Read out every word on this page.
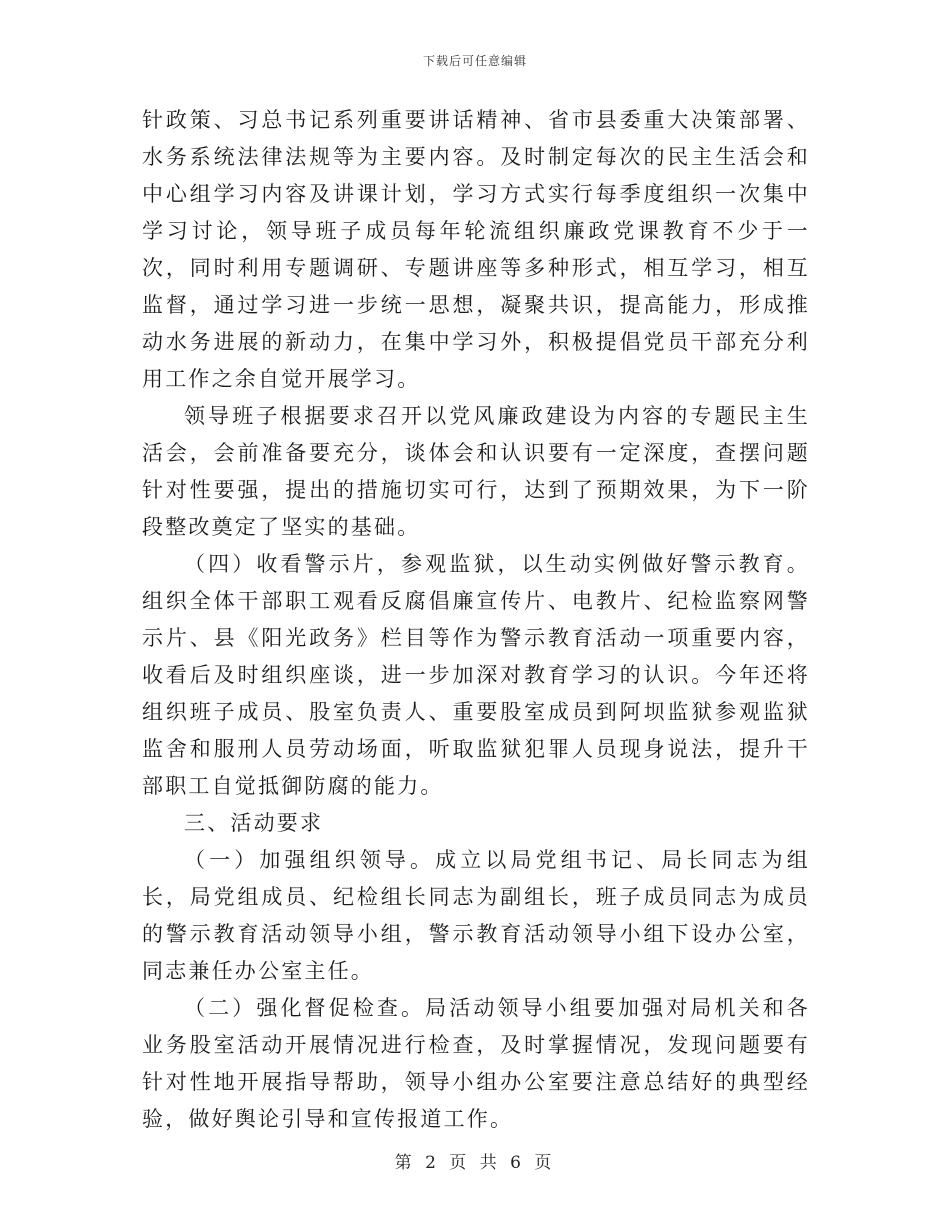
下载后可任意编辑

针政策、习总书记系列重要讲话精神、省市县委重大决策部署、水务系统法律法规等为主要内容。及时制定每次的民主生活会和中心组学习内容及讲课计划，学习方式实行每季度组织一次集中学习讨论，领导班子成员每年轮流组织廉政党课教育不少于一次，同时利用专题调研、专题讲座等多种形式，相互学习，相互监督，通过学习进一步统一思想，凝聚共识，提高能力，形成推动水务进展的新动力，在集中学习外，积极提倡党员干部充分利用工作之余自觉开展学习。

领导班子根据要求召开以党风廉政建设为内容的专题民主生活会，会前准备要充分，谈体会和认识要有一定深度，查摆问题针对性要强，提出的措施切实可行，达到了预期效果，为下一阶段整改奠定了坚实的基础。

（四）收看警示片，参观监狱，以生动实例做好警示教育。组织全体干部职工观看反腐倡廉宣传片、电教片、纪检监察网警示片、县《阳光政务》栏目等作为警示教育活动一项重要内容，收看后及时组织座谈，进一步加深对教育学习的认识。今年还将组织班子成员、股室负责人、重要股室成员到阿坝监狱参观监狱监舍和服刑人员劳动场面，听取监狱犯罪人员现身说法，提升干部职工自觉抵御防腐的能力。

三、活动要求

（一）加强组织领导。成立以局党组书记、局长同志为组长，局党组成员、纪检组长同志为副组长，班子成员同志为成员的警示教育活动领导小组，警示教育活动领导小组下设办公室，同志兼任办公室主任。

（二）强化督促检查。局活动领导小组要加强对局机关和各业务股室活动开展情况进行检查，及时掌握情况，发现问题要有针对性地开展指导帮助，领导小组办公室要注意总结好的典型经验，做好舆论引导和宣传报道工作。

第 2 页 共 6 页
